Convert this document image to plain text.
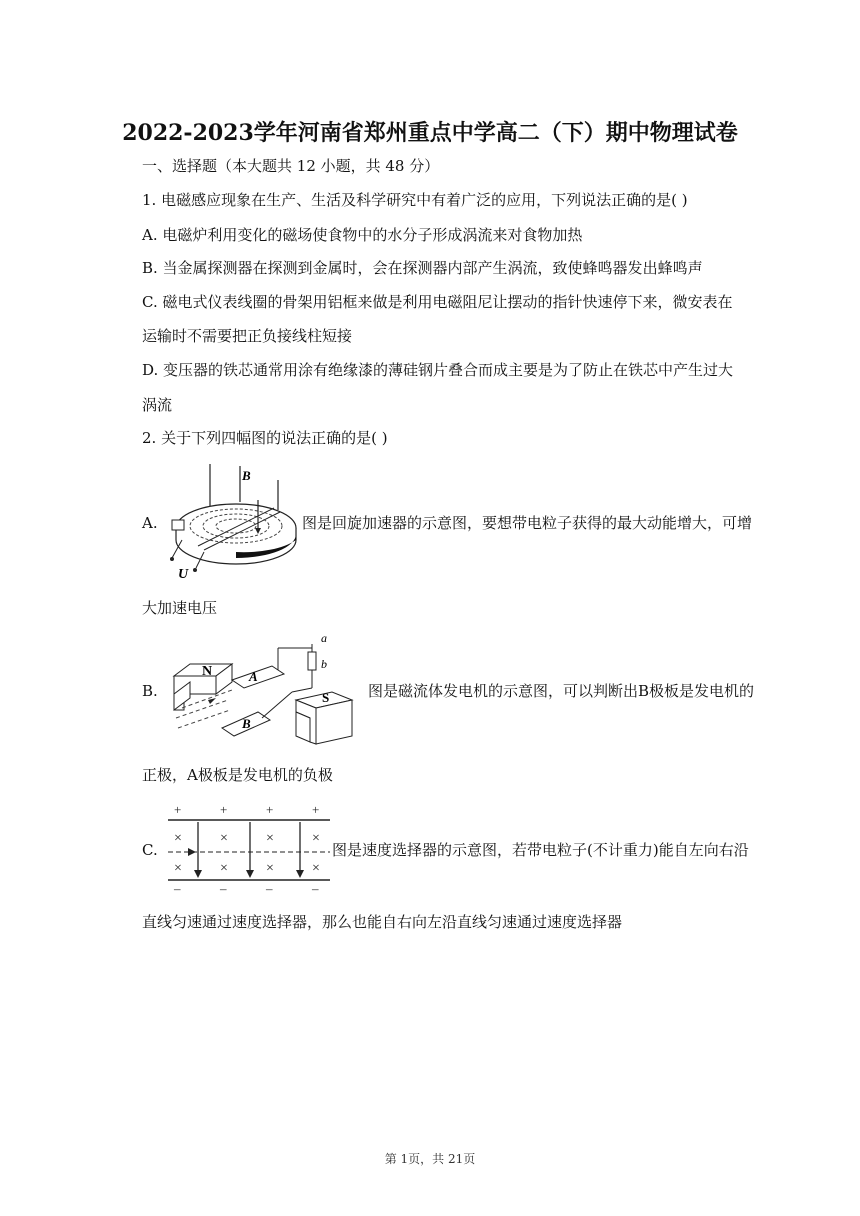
2022-2023学年河南省郑州重点中学高二（下）期中物理试卷
一、选择题（本大题共 12 小题，共 48 分）
1. 电磁感应现象在生产、生活及科学研究中有着广泛的应用，下列说法正确的是( )
A. 电磁炉利用变化的磁场使食物中的水分子形成涡流来对食物加热
B. 当金属探测器在探测到金属时，会在探测器内部产生涡流，致使蜂鸣器发出蜂鸣声
C. 磁电式仪表线圈的骨架用铝框来做是利用电磁阻尼让摆动的指针快速停下来，微安表在
运输时不需要把正负接线柱短接
D. 变压器的铁芯通常用涂有绝缘漆的薄硅钢片叠合而成主要是为了防止在铁芯中产生过大
涡流
2. 关于下列四幅图的说法正确的是( )
A.
B
U
图是回旋加速器的示意图，要想带电粒子获得的最大动能增大，可增
大加速电压
B.
N	A
B
a
b
S	图是磁流体发电机的示意图，可以判断出B极板是发电机的
正极，A极板是发电机的负极
C.
+	+	+	+
×	×	×	×
×	×	×	×
–	–	–	–
图是速度选择器的示意图，若带电粒子(不计重力)能自左向右沿
直线匀速通过速度选择器，那么也能自右向左沿直线匀速通过速度选择器
第 1页，共 21页
